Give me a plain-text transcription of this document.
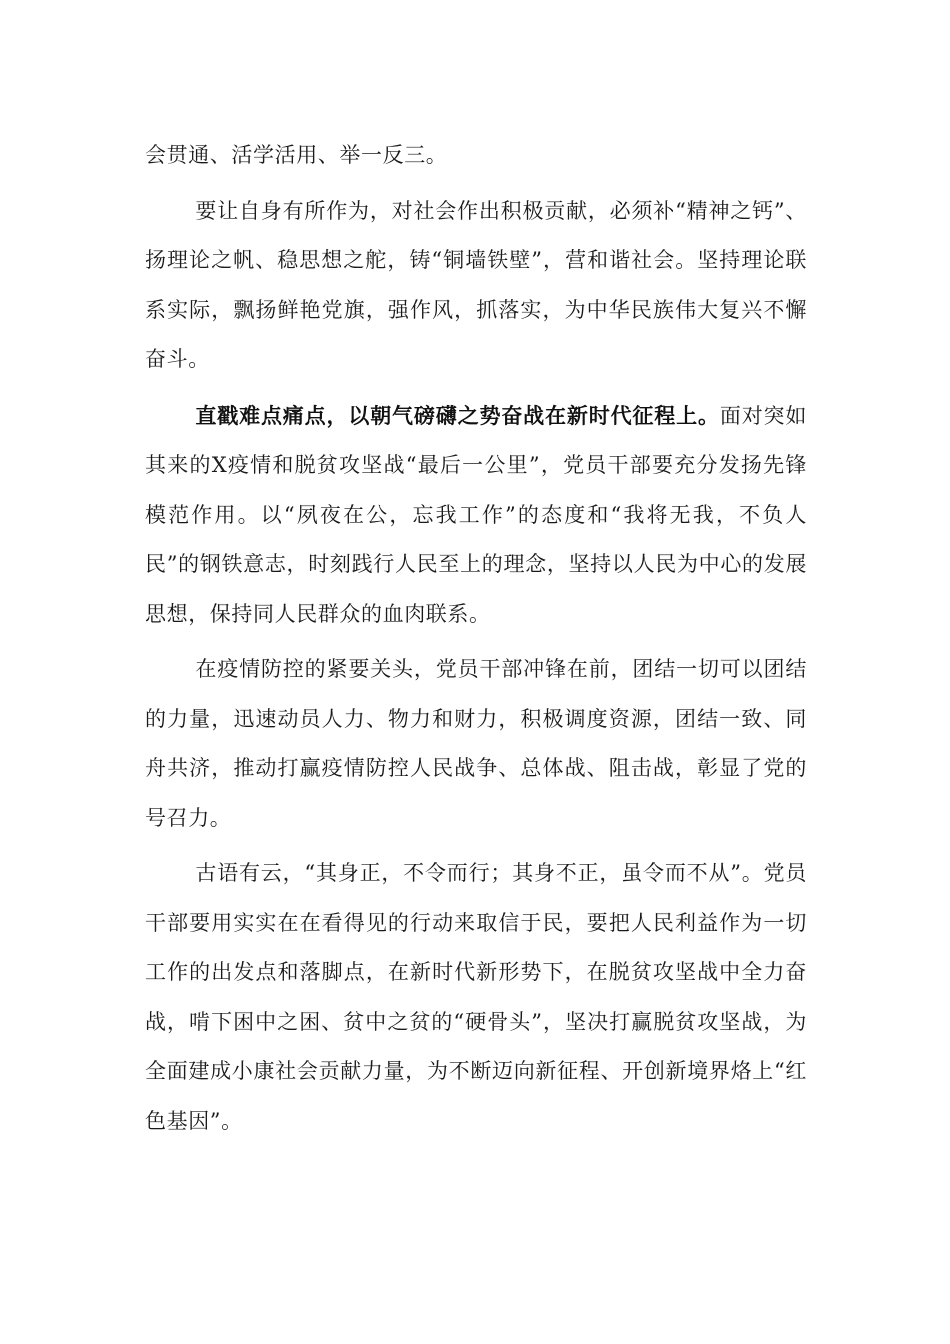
会贯通、活学活用、举一反三。

要让自身有所作为，对社会作出积极贡献，必须补“精神之钙”、扬理论之帆、稳思想之舵，铸“铜墙铁壁”，营和谐社会。坚持理论联系实际，飘扬鲜艳党旗，强作风，抓落实，为中华民族伟大复兴不懈奋斗。

直戳难点痛点，以朝气磅礴之势奋战在新时代征程上。面对突如其来的X疫情和脱贫攻坚战“最后一公里”，党员干部要充分发扬先锋模范作用。以“夙夜在公，忘我工作”的态度和“我将无我，不负人民”的钢铁意志，时刻践行人民至上的理念，坚持以人民为中心的发展思想，保持同人民群众的血肉联系。

在疫情防控的紧要关头，党员干部冲锋在前，团结一切可以团结的力量，迅速动员人力、物力和财力，积极调度资源，团结一致、同舟共济，推动打赢疫情防控人民战争、总体战、阻击战，彰显了党的号召力。

古语有云，“其身正，不令而行；其身不正，虽令而不从”。党员干部要用实实在在看得见的行动来取信于民，要把人民利益作为一切工作的出发点和落脚点，在新时代新形势下，在脱贫攻坚战中全力奋战，啃下困中之困、贫中之贫的“硬骨头”，坚决打赢脱贫攻坚战，为全面建成小康社会贡献力量，为不断迈向新征程、开创新境界烙上“红色基因”。
